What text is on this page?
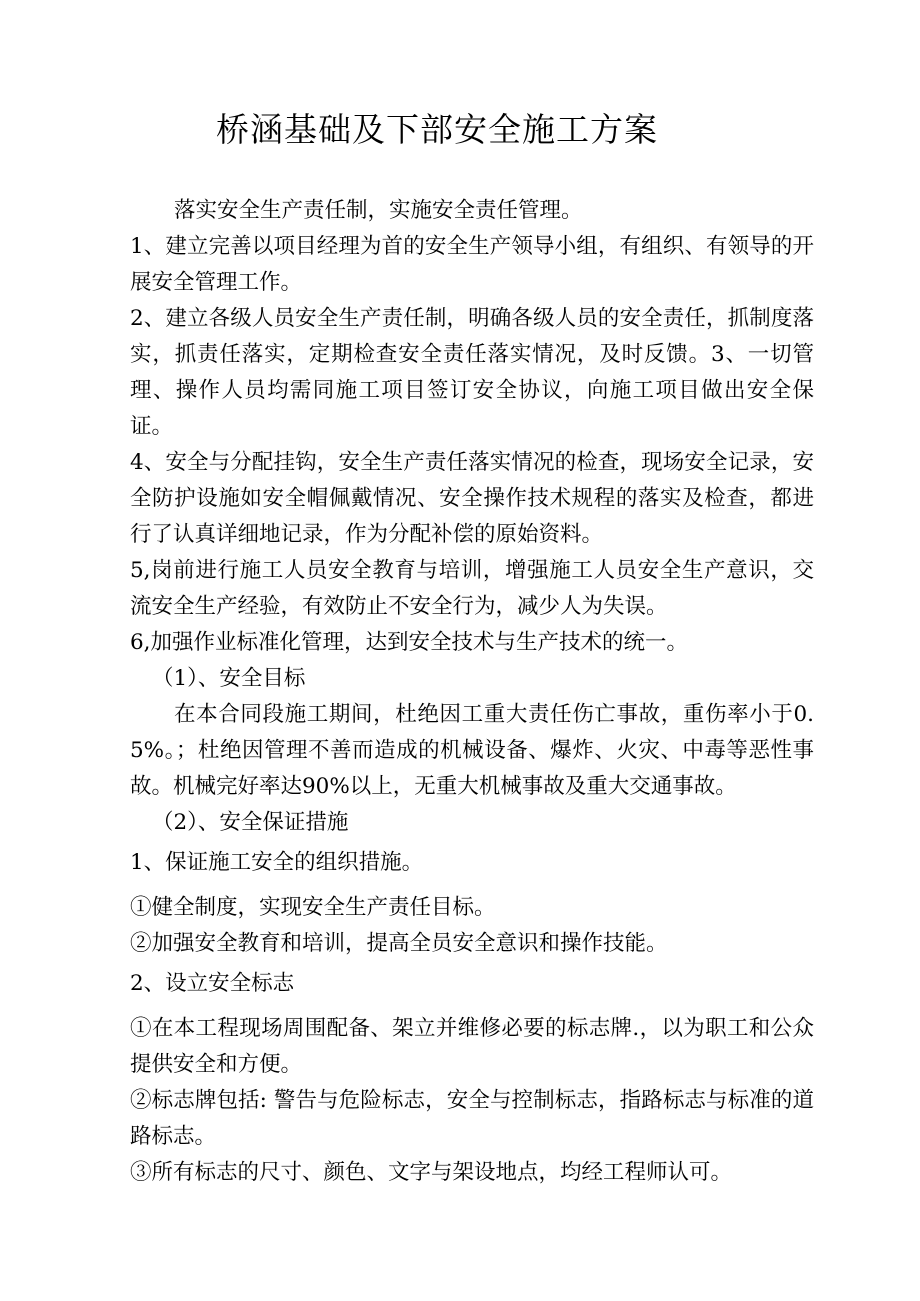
桥涵基础及下部安全施工方案

落实安全生产责任制，实施安全责任管理。

1、建立完善以项目经理为首的安全生产领导小组，有组织、有领导的开展安全管理工作。

2、建立各级人员安全生产责任制，明确各级人员的安全责任，抓制度落实，抓责任落实，定期检查安全责任落实情况，及时反馈。3、一切管理、操作人员均需同施工项目签订安全协议，向施工项目做出安全保证。

4、安全与分配挂钩，安全生产责任落实情况的检查，现场安全记录，安全防护设施如安全帽佩戴情况、安全操作技术规程的落实及检查，都进行了认真详细地记录，作为分配补偿的原始资料。

5,岗前进行施工人员安全教育与培训，增强施工人员安全生产意识，交流安全生产经验，有效防止不安全行为，减少人为失误。

6,加强作业标准化管理，达到安全技术与生产技术的统一。

（1）、安全目标

在本合同段施工期间，杜绝因工重大责任伤亡事故，重伤率小于0.5%。；杜绝因管理不善而造成的机械设备、爆炸、火灾、中毒等恶性事故。机械完好率达90%以上，无重大机械事故及重大交通事故。

（2）、安全保证措施

1、保证施工安全的组织措施。

①健全制度，实现安全生产责任目标。

②加强安全教育和培训，提高全员安全意识和操作技能。

2、设立安全标志

①在本工程现场周围配备、架立并维修必要的标志牌.，以为职工和公众提供安全和方便。

②标志牌包括: 警告与危险标志，安全与控制标志，指路标志与标准的道路标志。

③所有标志的尺寸、颜色、文字与架设地点，均经工程师认可。
